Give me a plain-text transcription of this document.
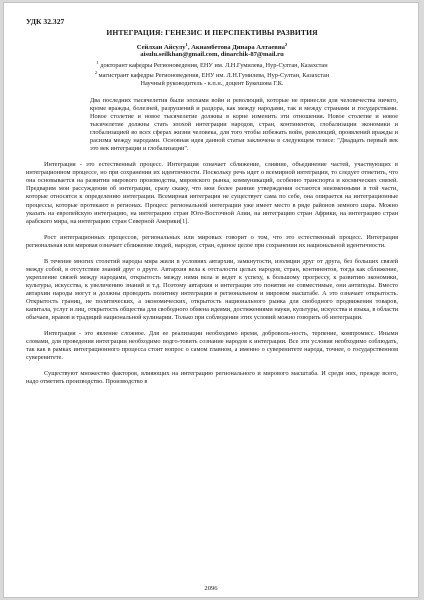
УДК 32.327

ИНТЕГРАЦИЯ: ГЕНЕЗИС И ПЕРСПЕКТИВЫ РАЗВИТИЯ

Сейлхан Айсулу$^1$, Акнамбетова Динара Алтаевна$^2$

aisulu.seilkhan@gmail.com, dinarchik-87@mail.ru

$^1$ докторант кафедры Регионоведения, ЕНУ им. Л.Н.Гумилева, Нур-Султан, Казахстан

$^2$ магистрант кафедры Регионоведения, ЕНУ им. Л.Н.Гумилева, Нур-Султан, Казахстан

Научный руководитель - к.п.н., доцент Букешова Г.К.

Два последних тысячелетия были эпохами войн и революций, которые не принесли для человечества ничего, кроме вражды, болезней, разрушений и раздора, как между народами, так и между странами и государствами. Новое столетие и новое тысячелетие должны в корне изменить эти отношения. Новое столетие и новое тысячелетие должны стать эпохой интеграции народов, стран, континентов, глобализации экономики и глобализацией во всех сферах жизни человека, для того чтобы избежать войн, революций, проявлений вражды и расизма между народами. Основная идея данной статьи заключена в следующем тезисе: "Двадцать первый век это век интеграции и глобализации".

Интеграция - это естественный процесс. Интеграция означает сближение, слияние, объединение частей, участвующих в интеграционном процессе, но при сохранении их идентичности. Поскольку речь идет о всемирной интеграции, то следует отметить, что она основывается на развитии мирового производства, мировского рынка, коммуникаций, особенно транспорта и космических связей. Предварим мои рассуждения об интеграции, сразу скажу, что мои более ранние утверждения остаются неизменными в той части, которые относятся к определению интеграции. Всемирная интеграция не существует сама по себе, она опирается на интеграционные процессы, которые протекают в регионах. Процесс региональной интеграции уже имеет место в ряде районов земного шара. Можно указать на европейскую интеграцию, на интеграцию стран Юго-Восточной Азии, на интеграцию стран Африки, на интеграцию стран арабского мира, на интеграцию стран Северной Америки[1].

Рост интеграционных процессов, региональных или мировых говорит о том, что это естественный процесс. Интеграция региональная или мировая означает сближение людей, народов, стран, единое целое при сохранении их национальной идентичности.

В течение многих столетий народы мира жили в условиях автархии, замкнутости, изоляции друг от друга, без больших связей между собой, в отсутствие знаний друг о друге. Автархия вела к отсталости целых народов, стран, континентов, тогда как сближение, укрепление связей между народами, открытость между ними вела и ведет к успеху, к большому прогрессу, к развитию экономики, культуры, искусства, к увеличению знаний и т.д. Поэтому автархия и интеграция это понятия не совместимые, они антиподы. Вместо автархии народы могут и должны проводить политику интеграции в региональном и мировом масштабе. А это означает открытость. Открытость границ, не политических, а экономических, открытость национального рынка для свободного продвижения товаров, капитала, услуг и лиц, открытость общества для свободного обмена идеями, достижениями науки, культуры, искусства и языка, в области обычаев, нравов и традиций национальной кулинарии. Только при соблюдении этих условий можно говорить об интеграции.

Интеграция - это явление сложное. Для ее реализации необходимо время, доброволь-ность, терпение, компромисс. Иными словами, для проведения интеграции необходимо подго-товить сознание народов к интеграции. Все эти условия необходимо соблюдать, так как в рамках интеграционного процесса стоит вопрос о самом главном, а именно о суверенитете народа, точнее, о государственном суверенитете.

Существуют множество факторов, влияющих на интеграцию регионального и мирового масштаба. И среди них, прежде всего, надо отметить производство. Производство в

2096
